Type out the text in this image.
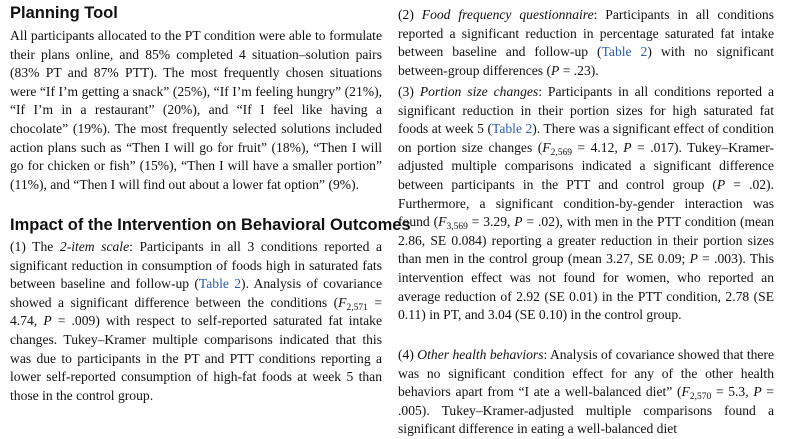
Planning Tool

All participants allocated to the PT condition were able to formulate their plans online, and 85% completed 4 situation–solution pairs (83% PT and 87% PTT). The most frequently chosen situations were “If I’m getting a snack” (25%), “If I’m feeling hungry” (21%), “If I’m in a restaurant” (20%), and “If I feel like having a chocolate” (19%). The most frequently selected solutions included action plans such as “Then I will go for fruit” (18%), “Then I will go for chicken or fish” (15%), “Then I will have a smaller portion” (11%), and “Then I will find out about a lower fat option” (9%).

Impact of the Intervention on Behavioral Outcomes

(1) The 2-item scale: Participants in all 3 conditions reported a significant reduction in consumption of foods high in saturated fats between baseline and follow-up (Table 2). Analysis of covariance showed a significant difference between the conditions ($F_{2,571} = 4.74$, P = .009) with respect to self-reported saturated fat intake changes. Tukey–Kramer multiple comparisons indicated that this was due to participants in the PT and PTT conditions reporting a lower self-reported consumption of high-fat foods at week 5 than those in the control group.

(2) Food frequency questionnaire: Participants in all conditions reported a significant reduction in percentage saturated fat intake between baseline and follow-up (Table 2) with no significant between-group differences (P = .23).

(3) Portion size changes: Participants in all conditions reported a significant reduction in their portion sizes for high saturated fat foods at week 5 (Table 2). There was a significant effect of condition on portion size changes ($F_{2,569} = 4.12$, P = .017). Tukey–Kramer-adjusted multiple comparisons indicated a significant difference between participants in the PTT and control group (P = .02). Furthermore, a significant condition-by-gender interaction was found ($F_{3,569} = 3.29$, P = .02), with men in the PTT condition (mean 2.86, SE 0.084) reporting a greater reduction in their portion sizes than men in the control group (mean 3.27, SE 0.09; P = .003). This intervention effect was not found for women, who reported an average reduction of 2.92 (SE 0.01) in the PTT condition, 2.78 (SE 0.11) in PT, and 3.04 (SE 0.10) in the control group.

(4) Other health behaviors: Analysis of covariance showed that there was no significant condition effect for any of the other health behaviors apart from “I ate a well-balanced diet” ($F_{2,570} = 5.3$, P = .005). Tukey–Kramer-adjusted multiple comparisons found a significant difference in eating a well-balanced diet
